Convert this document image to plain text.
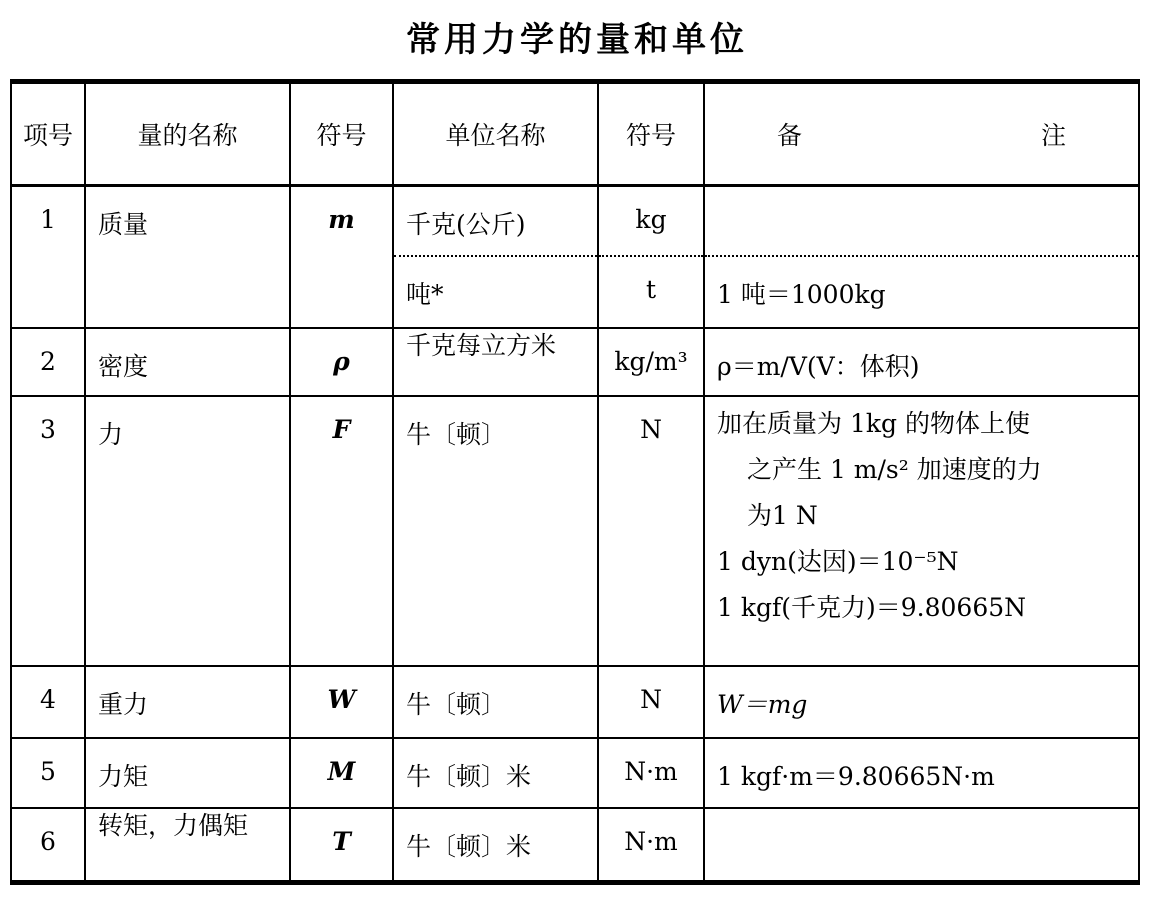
常用力学的量和单位
项号	量的名称	符号	单位名称	符号	备 注

1	质量	m	千克(公斤)	kg	
			吨*	t	1 吨＝1000kg
2	密度	ρ	千克每立方米	kg/m³	ρ＝m/V(V：体积)
3	力	F	牛〔顿〕	N	加在质量为 1kg 的物体上使
之产生 1 m/s² 加速度的力
为1 N
1 dyn(达因)＝10⁻⁵N
1 kgf(千克力)＝9.80665N

4	重力	W	牛〔顿〕	N	W＝mg
5	力矩	M	牛〔顿〕米	N·m	1 kgf·m＝9.80665N·m
6	转矩，力偶矩	T	牛〔顿〕米	N·m	
